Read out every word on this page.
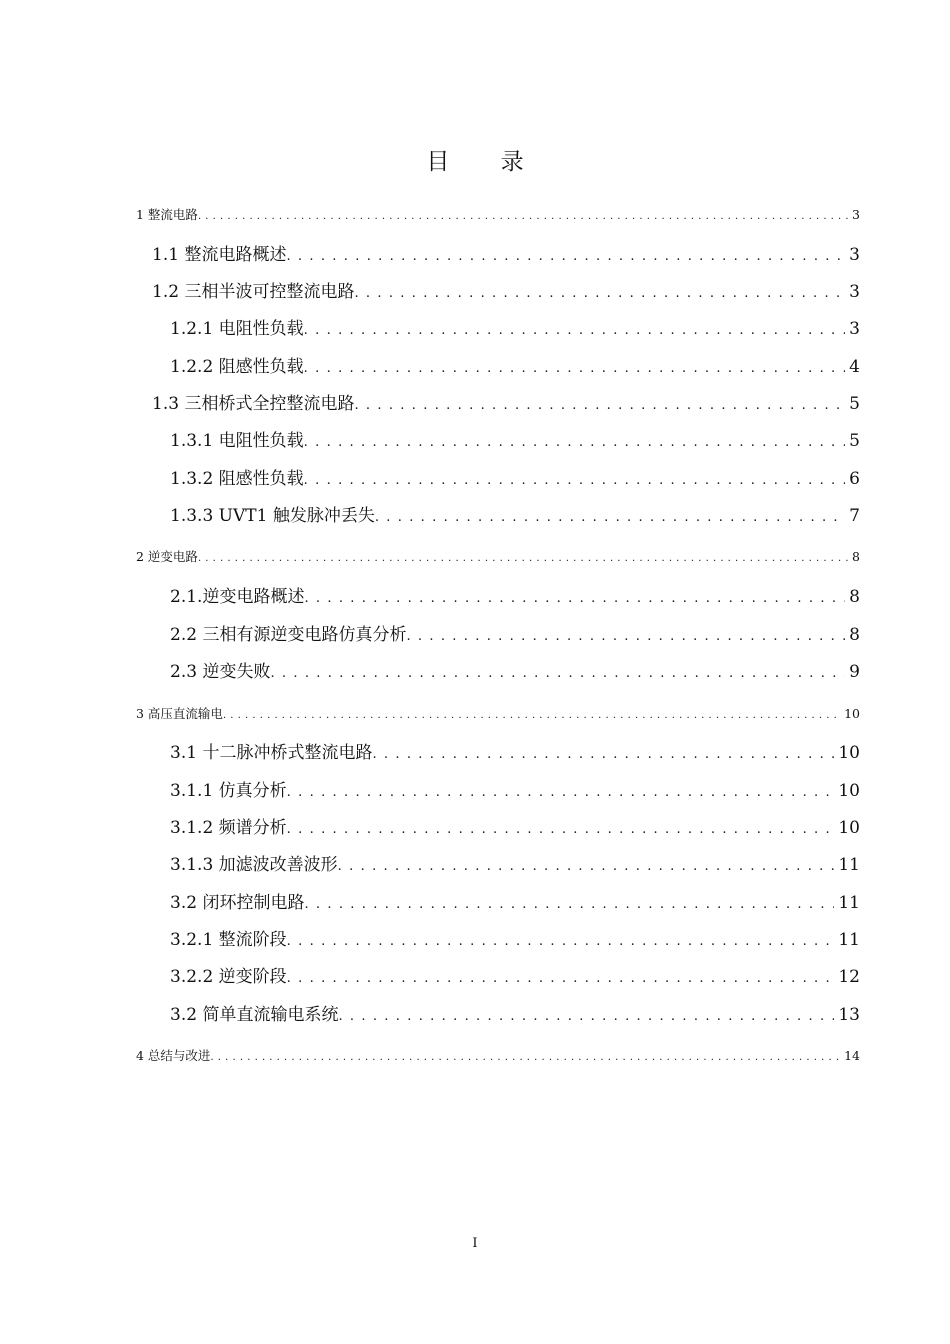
目 录
1 整流电路 . . .	3
1.1 整流电路概述 . . .	3
1.2 三相半波可控整流电路 . . .	3
1.2.1 电阻性负载 . . .	3
1.2.2 阻感性负载 . . .	4
1.3 三相桥式全控整流电路 . . .	5
1.3.1 电阻性负载 . . .	5
1.3.2 阻感性负载 . . .	6
1.3.3 UVT1 触发脉冲丢失 . . .	7
2 逆变电路 . . .	8
2.1.逆变电路概述 . . .	8
2.2 三相有源逆变电路仿真分析 . . .	8
2.3 逆变失败 . . .	9
3 高压直流输电 . . .	10
3.1 十二脉冲桥式整流电路 . . .	10
3.1.1 仿真分析 . . .	10
3.1.2 频谱分析 . . .	10
3.1.3 加滤波改善波形 . . .	11
3.2 闭环控制电路 . . .	11
3.2.1 整流阶段 . . .	11
3.2.2 逆变阶段 . . .	12
3.2 简单直流输电系统 . . .	13
4 总结与改进 . . .	14
I
